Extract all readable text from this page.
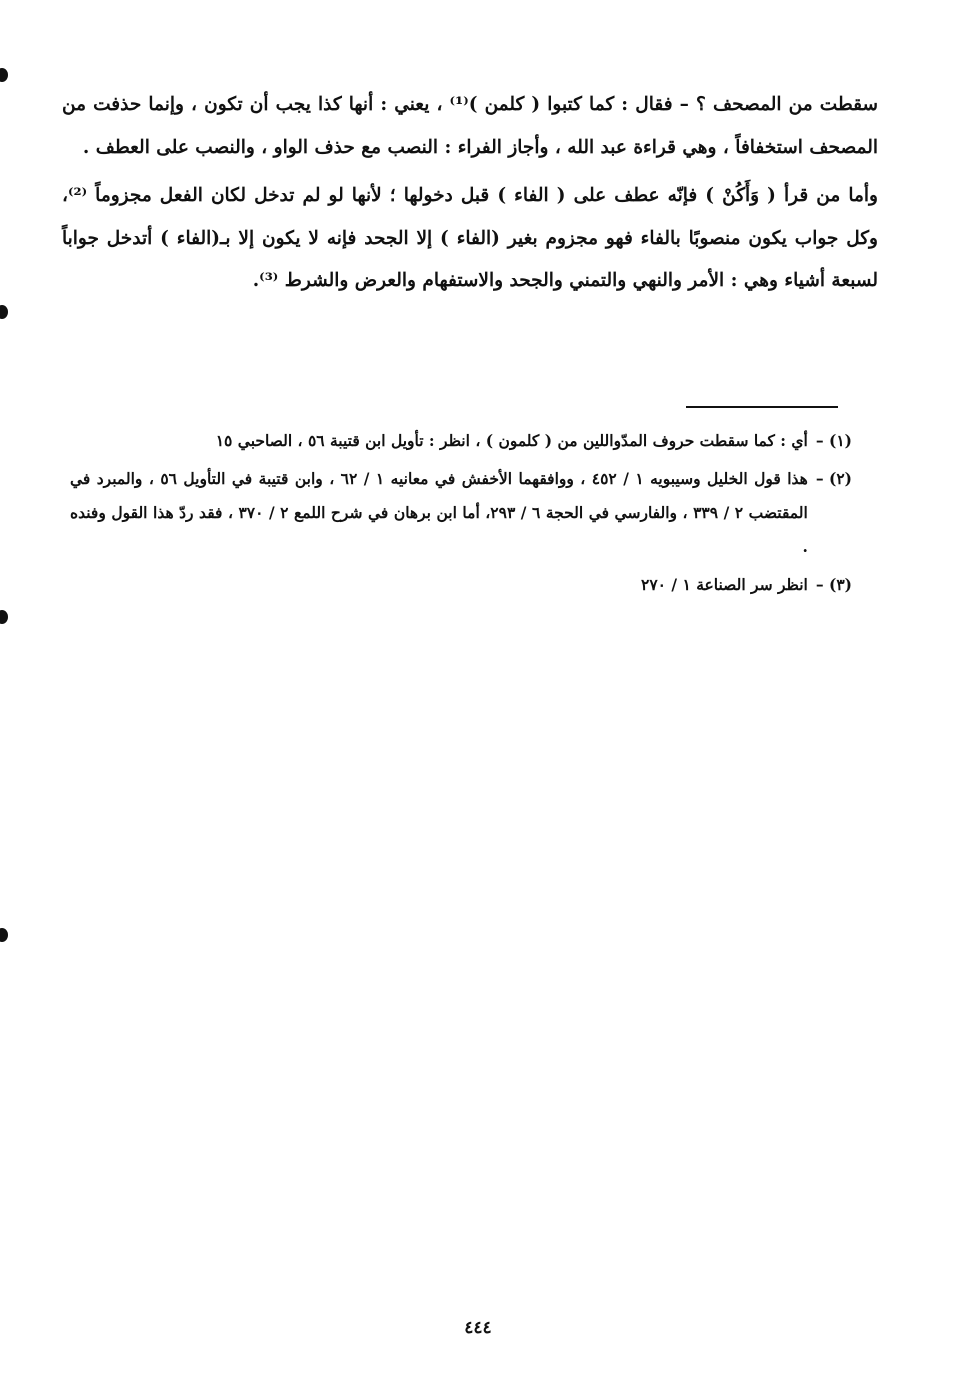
سقطت من المصحف ؟ – فقال : كما كتبوا ( كلمن )⁽¹⁾ ، يعني : أنها كذا يجب أن تكون ، وإنما حذفت من المصحف استخفافاً ، وهي قراءة عبد الله ، وأجاز الفراء : النصب مع حذف الواو ، والنصب على العطف .

وأما من قرأ ( وَأَكُنْ ) فإنّه عطف على ( الفاء ) قبل دخولها ؛ لأنها لو لم تدخل لكان الفعل مجزوماً ⁽²⁾، وكل جواب يكون منصوبًا بالفاء فهو مجزوم بغير (الفاء ) إلا الجحد فإنه لا يكون إلا بـ(الفاء ) أتدخل جواباً لسبعة أشياء وهي : الأمر والنهي والتمني والجحد والاستفهام والعرض والشرط ⁽³⁾.

(١) –
أي : كما سقطت حروف المدّواللين من ( كلمون ) ، انظر : تأويل ابن قتيبة ٥٦ ، الصاحبي ١٥
(٢) –
هذا قول الخليل وسيبويه ١ / ٤٥٢ ، ووافقهما الأخفش في معانيه ١ / ٦٢ ، وابن قتيبة في التأويل ٥٦ ، والمبرد في المقتضب ٢ / ٣٣٩ ، والفارسي في الحجة ٦ / ٢٩٣، أما ابن برهان في شرح اللمع ٢ / ٣٧٠ ، فقد ردّ هذا القول وفنده .
(٣) –
انظر سر الصناعة ١ / ٢٧٠
٤٤٤
